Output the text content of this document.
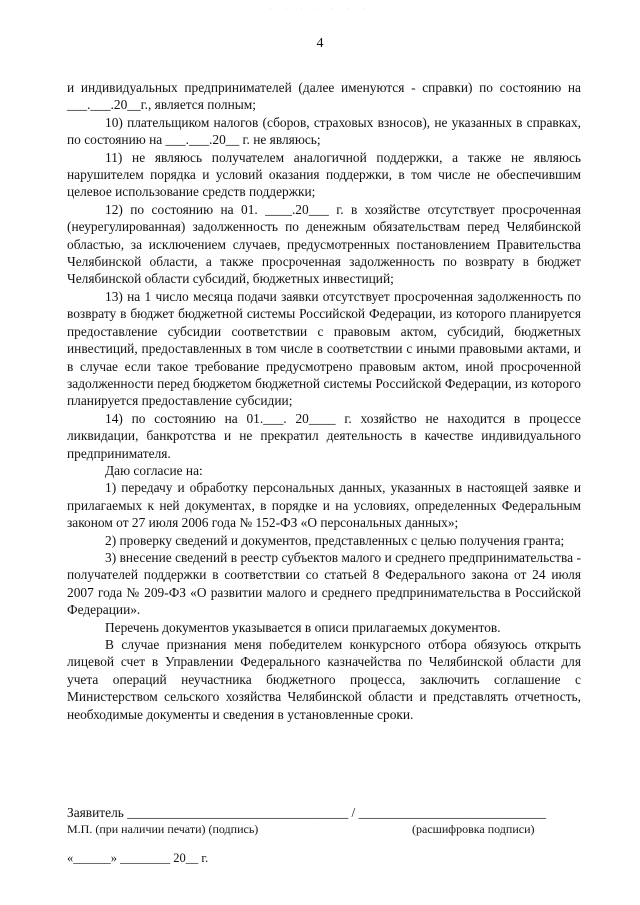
· · · · · · ·
4

и индивидуальных предпринимателей (далее именуются - справки) по состоянию на ___.___.20__г., является полным;

10) плательщиком налогов (сборов, страховых взносов), не указанных в справках, по состоянию на ___.___.20__ г. не являюсь;

11) не являюсь получателем аналогичной поддержки, а также не являюсь нарушителем порядка и условий оказания поддержки, в том числе не обеспечившим целевое использование средств поддержки;

12) по состоянию на 01. ____.20___ г. в хозяйстве отсутствует просроченная (неурегулированная) задолженность по денежным обязательствам перед Челябинской областью, за исключением случаев, предусмотренных постановлением Правительства Челябинской области, а также просроченная задолженность по возврату в бюджет Челябинской области субсидий, бюджетных инвестиций;

13) на 1 число месяца подачи заявки отсутствует просроченная задолженность по возврату в бюджет бюджетной системы Российской Федерации, из которого планируется предоставление субсидии соответствии с правовым актом, субсидий, бюджетных инвестиций, предоставленных в том числе в соответствии с иными правовыми актами, и в случае если такое требование предусмотрено правовым актом, иной просроченной задолженности перед бюджетом бюджетной системы Российской Федерации, из которого планируется предоставление субсидии;

14) по состоянию на 01.___. 20____ г. хозяйство не находится в процессе ликвидации, банкротства и не прекратил деятельность в качестве индивидуального предпринимателя.

Даю согласие на:

1) передачу и обработку персональных данных, указанных в настоящей заявке и прилагаемых к ней документах, в порядке и на условиях, определенных Федеральным законом от 27 июля 2006 года № 152-ФЗ «О персональных данных»;

2) проверку сведений и документов, представленных с целью получения гранта;

3) внесение сведений в реестр субъектов малого и среднего предпринимательства - получателей поддержки в соответствии со статьей 8 Федерального закона от 24 июля 2007 года № 209-ФЗ «О развитии малого и среднего предпринимательства в Российской Федерации».

Перечень документов указывается в описи прилагаемых документов.

В случае признания меня победителем конкурсного отбора обязуюсь открыть лицевой счет в Управлении Федерального казначейства по Челябинской области для учета операций неучастника бюджетного процесса, заключить соглашение с Министерством сельского хозяйства Челябинской области и представлять отчетность, необходимые документы и сведения в установленные сроки.

Заявитель _________________________________ / ____________________________
М.П. (при наличии печати) (подпись)	(расшифровка подписи)
«______» ________ 20__ г.
